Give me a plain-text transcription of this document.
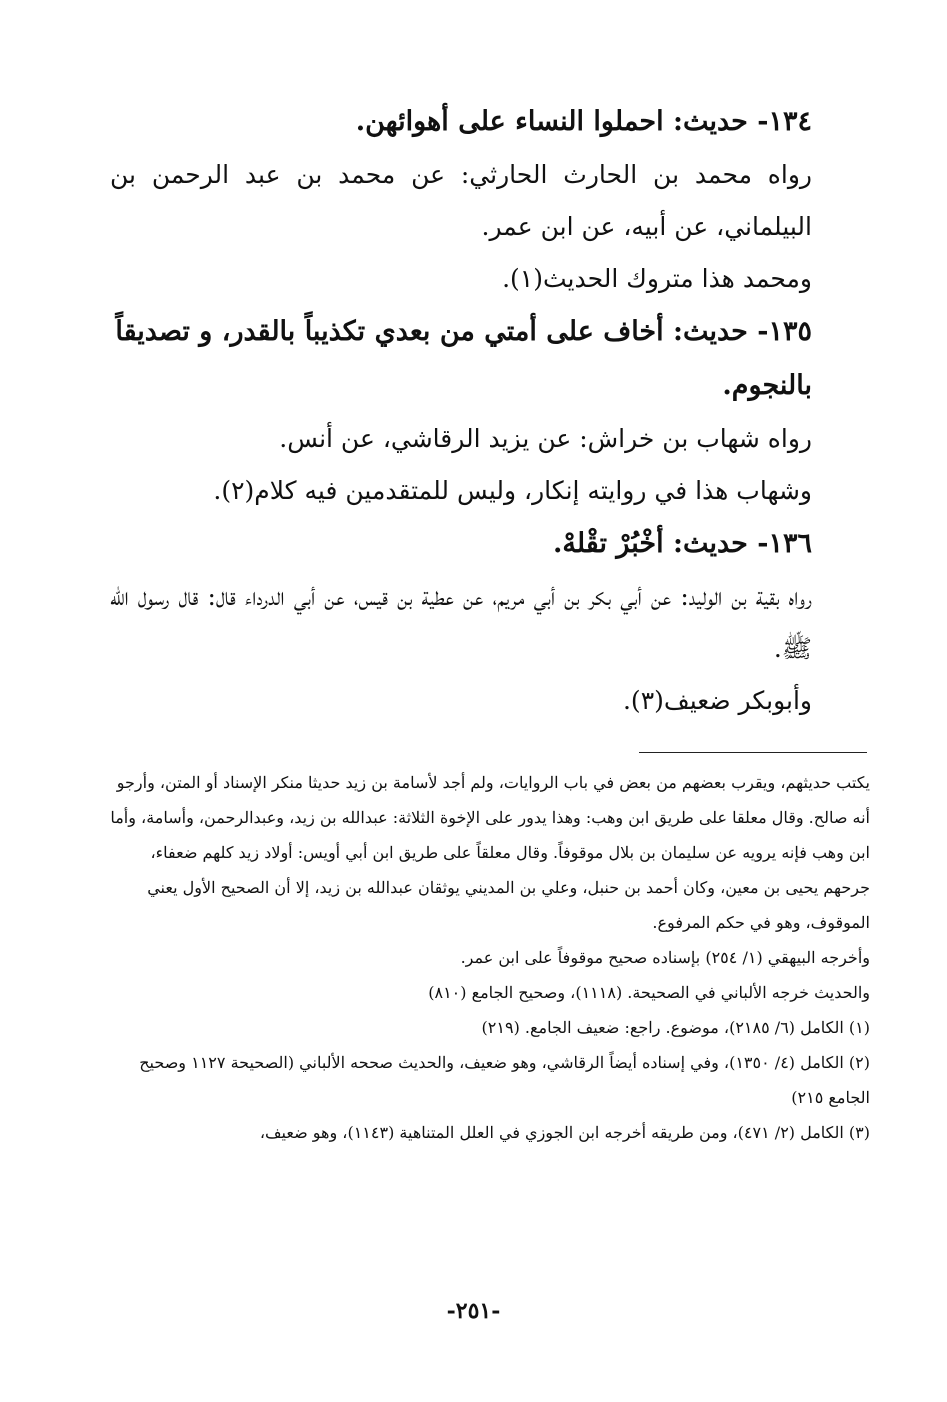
١٣٤- حديث: احملوا النساء على أهوائهن.

رواه محمد بن الحارث الحارثي: عن محمد بن عبد الرحمن بن البيلماني، عن أبيه، عن ابن عمر.

ومحمد هذا متروك الحديث(١).

١٣٥- حديث: أخاف على أمتي من بعدي تكذيباً بالقدر، و تصديقاً بالنجوم.

رواه شهاب بن خراش: عن يزيد الرقاشي، عن أنس.

وشهاب هذا في روايته إنكار، وليس للمتقدمين فيه كلام(٢).

١٣٦- حديث: أخْبُرْ تقْلهْ.

رواه بقية بن الوليد: عن أبي بكر بن أبي مريم، عن عطية بن قيس، عن أبي الدرداء قال: قال رسول الله ﷺ.

وأبوبكر ضعيف(٣).

يكتب حديثهم، ويقرب بعضهم من بعض في باب الروايات، ولم أجد لأسامة بن زيد حديثا منكر الإسناد أو المتن، وأرجو أنه صالح. وقال معلقا على طريق ابن وهب: وهذا يدور على الإخوة الثلاثة: عبدالله بن زيد، وعبدالرحمن، وأسامة، وأما ابن وهب فإنه يرويه عن سليمان بن بلال موقوفاً. وقال معلقاً على طريق ابن أبي أويس: أولاد زيد كلهم ضعفاء، جرحهم يحيى بن معين، وكان أحمد بن حنبل، وعلي بن المديني يوثقان عبدالله بن زيد، إلا أن الصحيح الأول يعني الموقوف، وهو في حكم المرفوع.

وأخرجه البيهقي (١/ ٢٥٤) بإسناده صحيح موقوفاً على ابن عمر.

والحديث خرجه الألباني في الصحيحة. (١١١٨)، وصحيح الجامع (٨١٠)

(١) الكامل (٦/ ٢١٨٥)، موضوع. راجع: ضعيف الجامع. (٢١٩)

(٢) الكامل (٤/ ١٣٥٠)، وفي إسناده أيضاً الرقاشي، وهو ضعيف، والحديث صححه الألباني (الصحيحة ١١٢٧ وصحيح الجامع ٢١٥)

(٣) الكامل (٢/ ٤٧١)، ومن طريقه أخرجه ابن الجوزي في العلل المتناهية (١١٤٣)، وهو ضعيف،

-٢٥١-
